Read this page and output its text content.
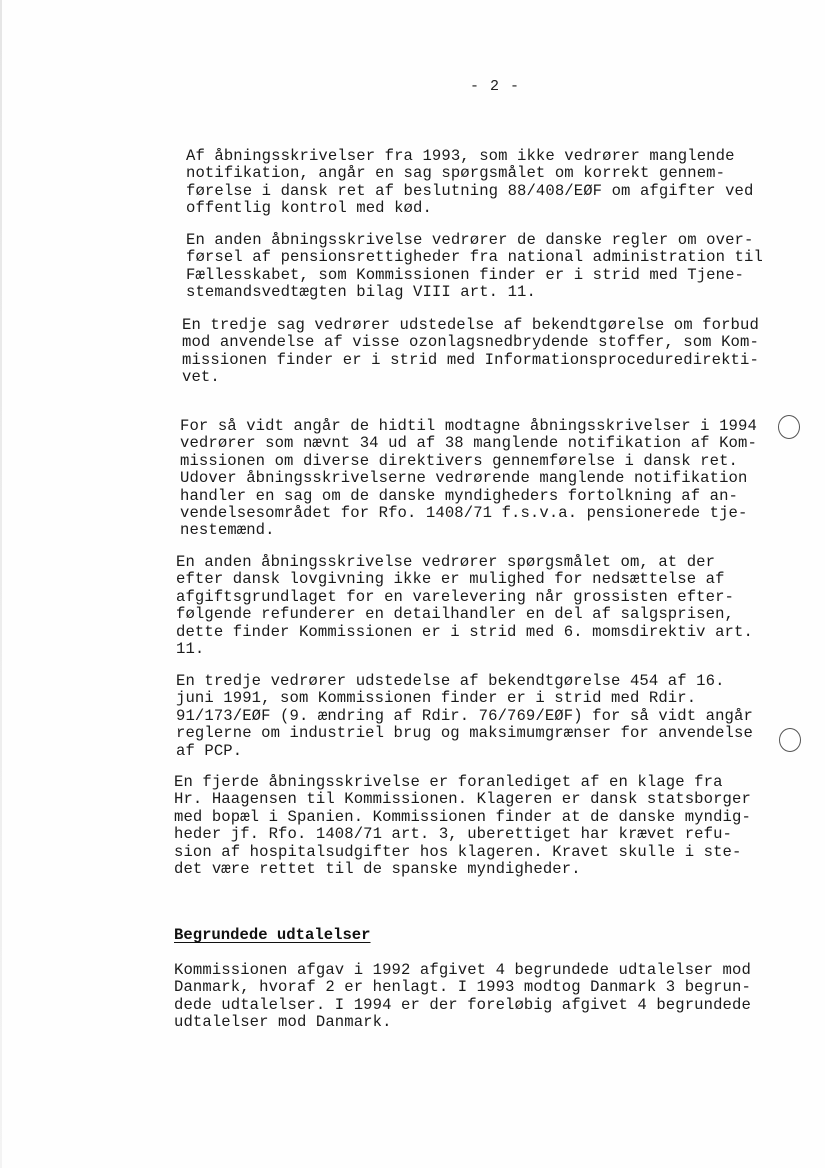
- 2 -

Af åbningsskrivelser fra 1993, som ikke vedrører manglende
notifikation, angår en sag spørgsmålet om korrekt gennem-
førelse i dansk ret af beslutning 88/408/EØF om afgifter ved
offentlig kontrol med kød.

En anden åbningsskrivelse vedrører de danske regler om over-
førsel af pensionsrettigheder fra national administration til
Fællesskabet, som Kommissionen finder er i strid med Tjene-
stemandsvedtægten bilag VIII art. 11.

En tredje sag vedrører udstedelse af bekendtgørelse om forbud
mod anvendelse af visse ozonlagsnedbrydende stoffer, som Kom-
missionen finder er i strid med Informationsproceduredirekti-
vet.

For så vidt angår de hidtil modtagne åbningsskrivelser i 1994
vedrører som nævnt 34 ud af 38 manglende notifikation af Kom-
missionen om diverse direktivers gennemførelse i dansk ret.
Udover åbningsskrivelserne vedrørende manglende notifikation
handler en sag om de danske myndigheders fortolkning af an-
vendelsesområdet for Rfo. 1408/71 f.s.v.a. pensionerede tje-
nestemænd.

En anden åbningsskrivelse vedrører spørgsmålet om, at der
efter dansk lovgivning ikke er mulighed for nedsættelse af
afgiftsgrundlaget for en varelevering når grossisten efter-
følgende refunderer en detailhandler en del af salgsprisen,
dette finder Kommissionen er i strid med 6. momsdirektiv art.
11.

En tredje vedrører udstedelse af bekendtgørelse 454 af 16.
juni 1991, som Kommissionen finder er i strid med Rdir.
91/173/EØF (9. ændring af Rdir. 76/769/EØF) for så vidt angår
reglerne om industriel brug og maksimumgrænser for anvendelse
af PCP.

En fjerde åbningsskrivelse er foranlediget af en klage fra
Hr. Haagensen til Kommissionen. Klageren er dansk statsborger
med bopæl i Spanien. Kommissionen finder at de danske myndig-
heder jf. Rfo. 1408/71 art. 3, uberettiget har krævet refu-
sion af hospitalsudgifter hos klageren. Kravet skulle i ste-
det være rettet til de spanske myndigheder.

Begrundede udtalelser

Kommissionen afgav i 1992 afgivet 4 begrundede udtalelser mod
Danmark, hvoraf 2 er henlagt. I 1993 modtog Danmark 3 begrun-
dede udtalelser. I 1994 er der foreløbig afgivet 4 begrundede
udtalelser mod Danmark.
